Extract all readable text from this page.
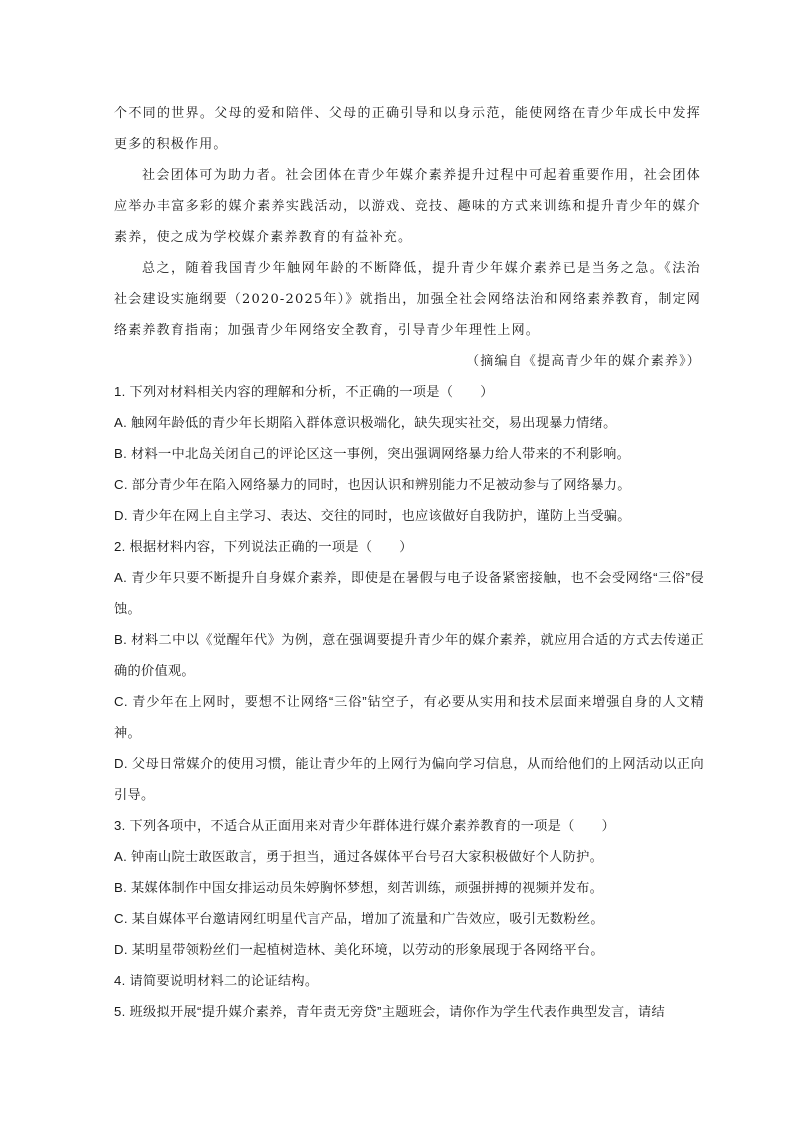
个不同的世界。父母的爱和陪伴、父母的正确引导和以身示范，能使网络在青少年成长中发挥更多的积极作用。

社会团体可为助力者。社会团体在青少年媒介素养提升过程中可起着重要作用，社会团体应举办丰富多彩的媒介素养实践活动，以游戏、竞技、趣味的方式来训练和提升青少年的媒介素养，使之成为学校媒介素养教育的有益补充。

总之，随着我国青少年触网年龄的不断降低，提升青少年媒介素养已是当务之急。《法治社会建设实施纲要（2020-2025年）》就指出，加强全社会网络法治和网络素养教育，制定网络素养教育指南；加强青少年网络安全教育，引导青少年理性上网。

（摘编自《提高青少年的媒介素养》）

1. 下列对材料相关内容的理解和分析，不正确的一项是（　　）

A. 触网年龄低的青少年长期陷入群体意识极端化，缺失现实社交，易出现暴力情绪。

B. 材料一中北岛关闭自己的评论区这一事例，突出强调网络暴力给人带来的不利影响。

C. 部分青少年在陷入网络暴力的同时，也因认识和辨别能力不足被动参与了网络暴力。

D. 青少年在网上自主学习、表达、交往的同时，也应该做好自我防护，谨防上当受骗。

2. 根据材料内容，下列说法正确的一项是（　　）

A. 青少年只要不断提升自身媒介素养，即使是在暑假与电子设备紧密接触，也不会受网络“三俗”侵蚀。

B. 材料二中以《觉醒年代》为例，意在强调要提升青少年的媒介素养，就应用合适的方式去传递正确的价值观。

C. 青少年在上网时，要想不让网络“三俗”钻空子，有必要从实用和技术层面来增强自身的人文精神。

D. 父母日常媒介的使用习惯，能让青少年的上网行为偏向学习信息，从而给他们的上网活动以正向引导。

3. 下列各项中，不适合从正面用来对青少年群体进行媒介素养教育的一项是（　　）

A. 钟南山院士敢医敢言，勇于担当，通过各媒体平台号召大家积极做好个人防护。

B. 某媒体制作中国女排运动员朱婷胸怀梦想，刻苦训练，顽强拼搏的视频并发布。

C. 某自媒体平台邀请网红明星代言产品，增加了流量和广告效应，吸引无数粉丝。

D. 某明星带领粉丝们一起植树造林、美化环境，以劳动的形象展现于各网络平台。

4. 请简要说明材料二的论证结构。

5. 班级拟开展“提升媒介素养，青年责无旁贷”主题班会，请你作为学生代表作典型发言，请结
